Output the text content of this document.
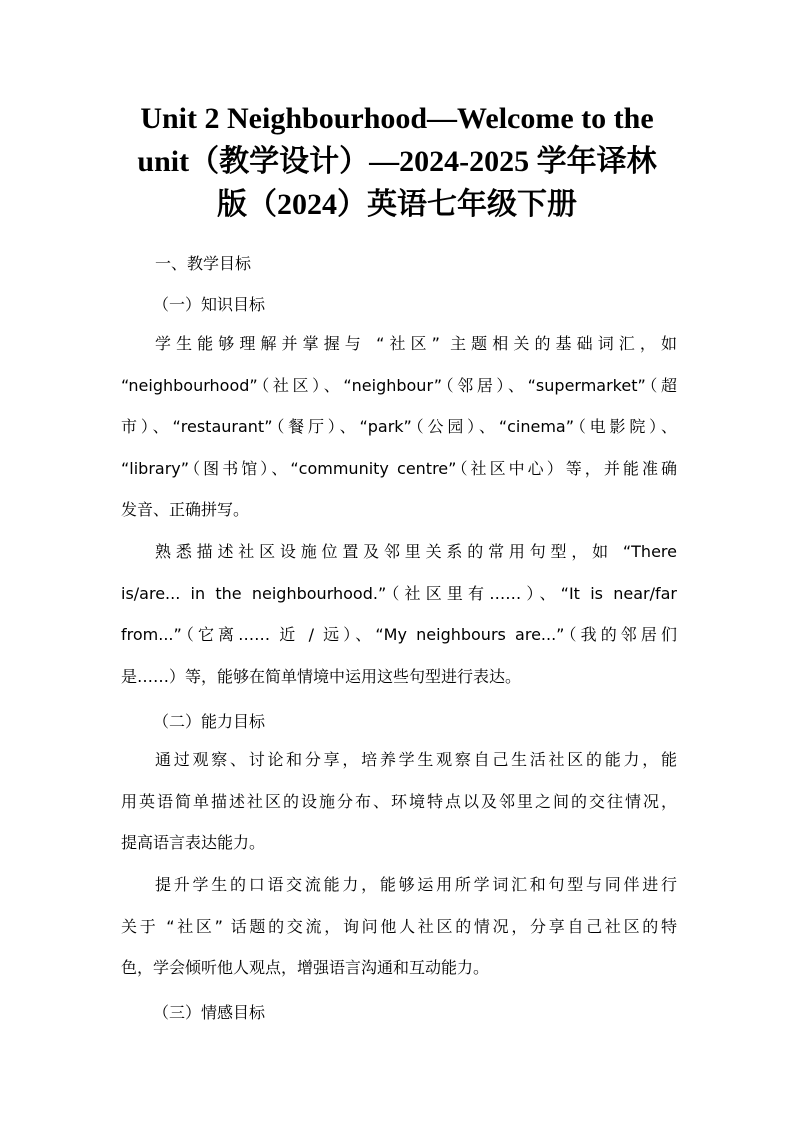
Unit 2 Neighbourhood—Welcome to the
unit（教学设计）—2024-2025 学年译林
版（2024）英语七年级下册
一、教学目标
（一）知识目标
学生能够理解并掌握与 “社区” 主题相关的基础词汇，如
“neighbourhood”（社区）、“neighbour”（邻居）、“supermarket”（超
市）、“restaurant”（餐厅）、“park”（公园）、“cinema”（电影院）、
“library”（图书馆）、“community centre”（社区中心）等，并能准确
发音、正确拼写。
熟悉描述社区设施位置及邻里关系的常用句型，如 “There
is/are... in the neighbourhood.”（社区里有……）、“It is near/far
from...”（它离…… 近 / 远）、“My neighbours are...”（我的邻居们
是……）等，能够在简单情境中运用这些句型进行表达。
（二）能力目标
通过观察、讨论和分享，培养学生观察自己生活社区的能力，能
用英语简单描述社区的设施分布、环境特点以及邻里之间的交往情况，
提高语言表达能力。
提升学生的口语交流能力，能够运用所学词汇和句型与同伴进行
关于 “社区” 话题的交流，询问他人社区的情况，分享自己社区的特
色，学会倾听他人观点，增强语言沟通和互动能力。
（三）情感目标
